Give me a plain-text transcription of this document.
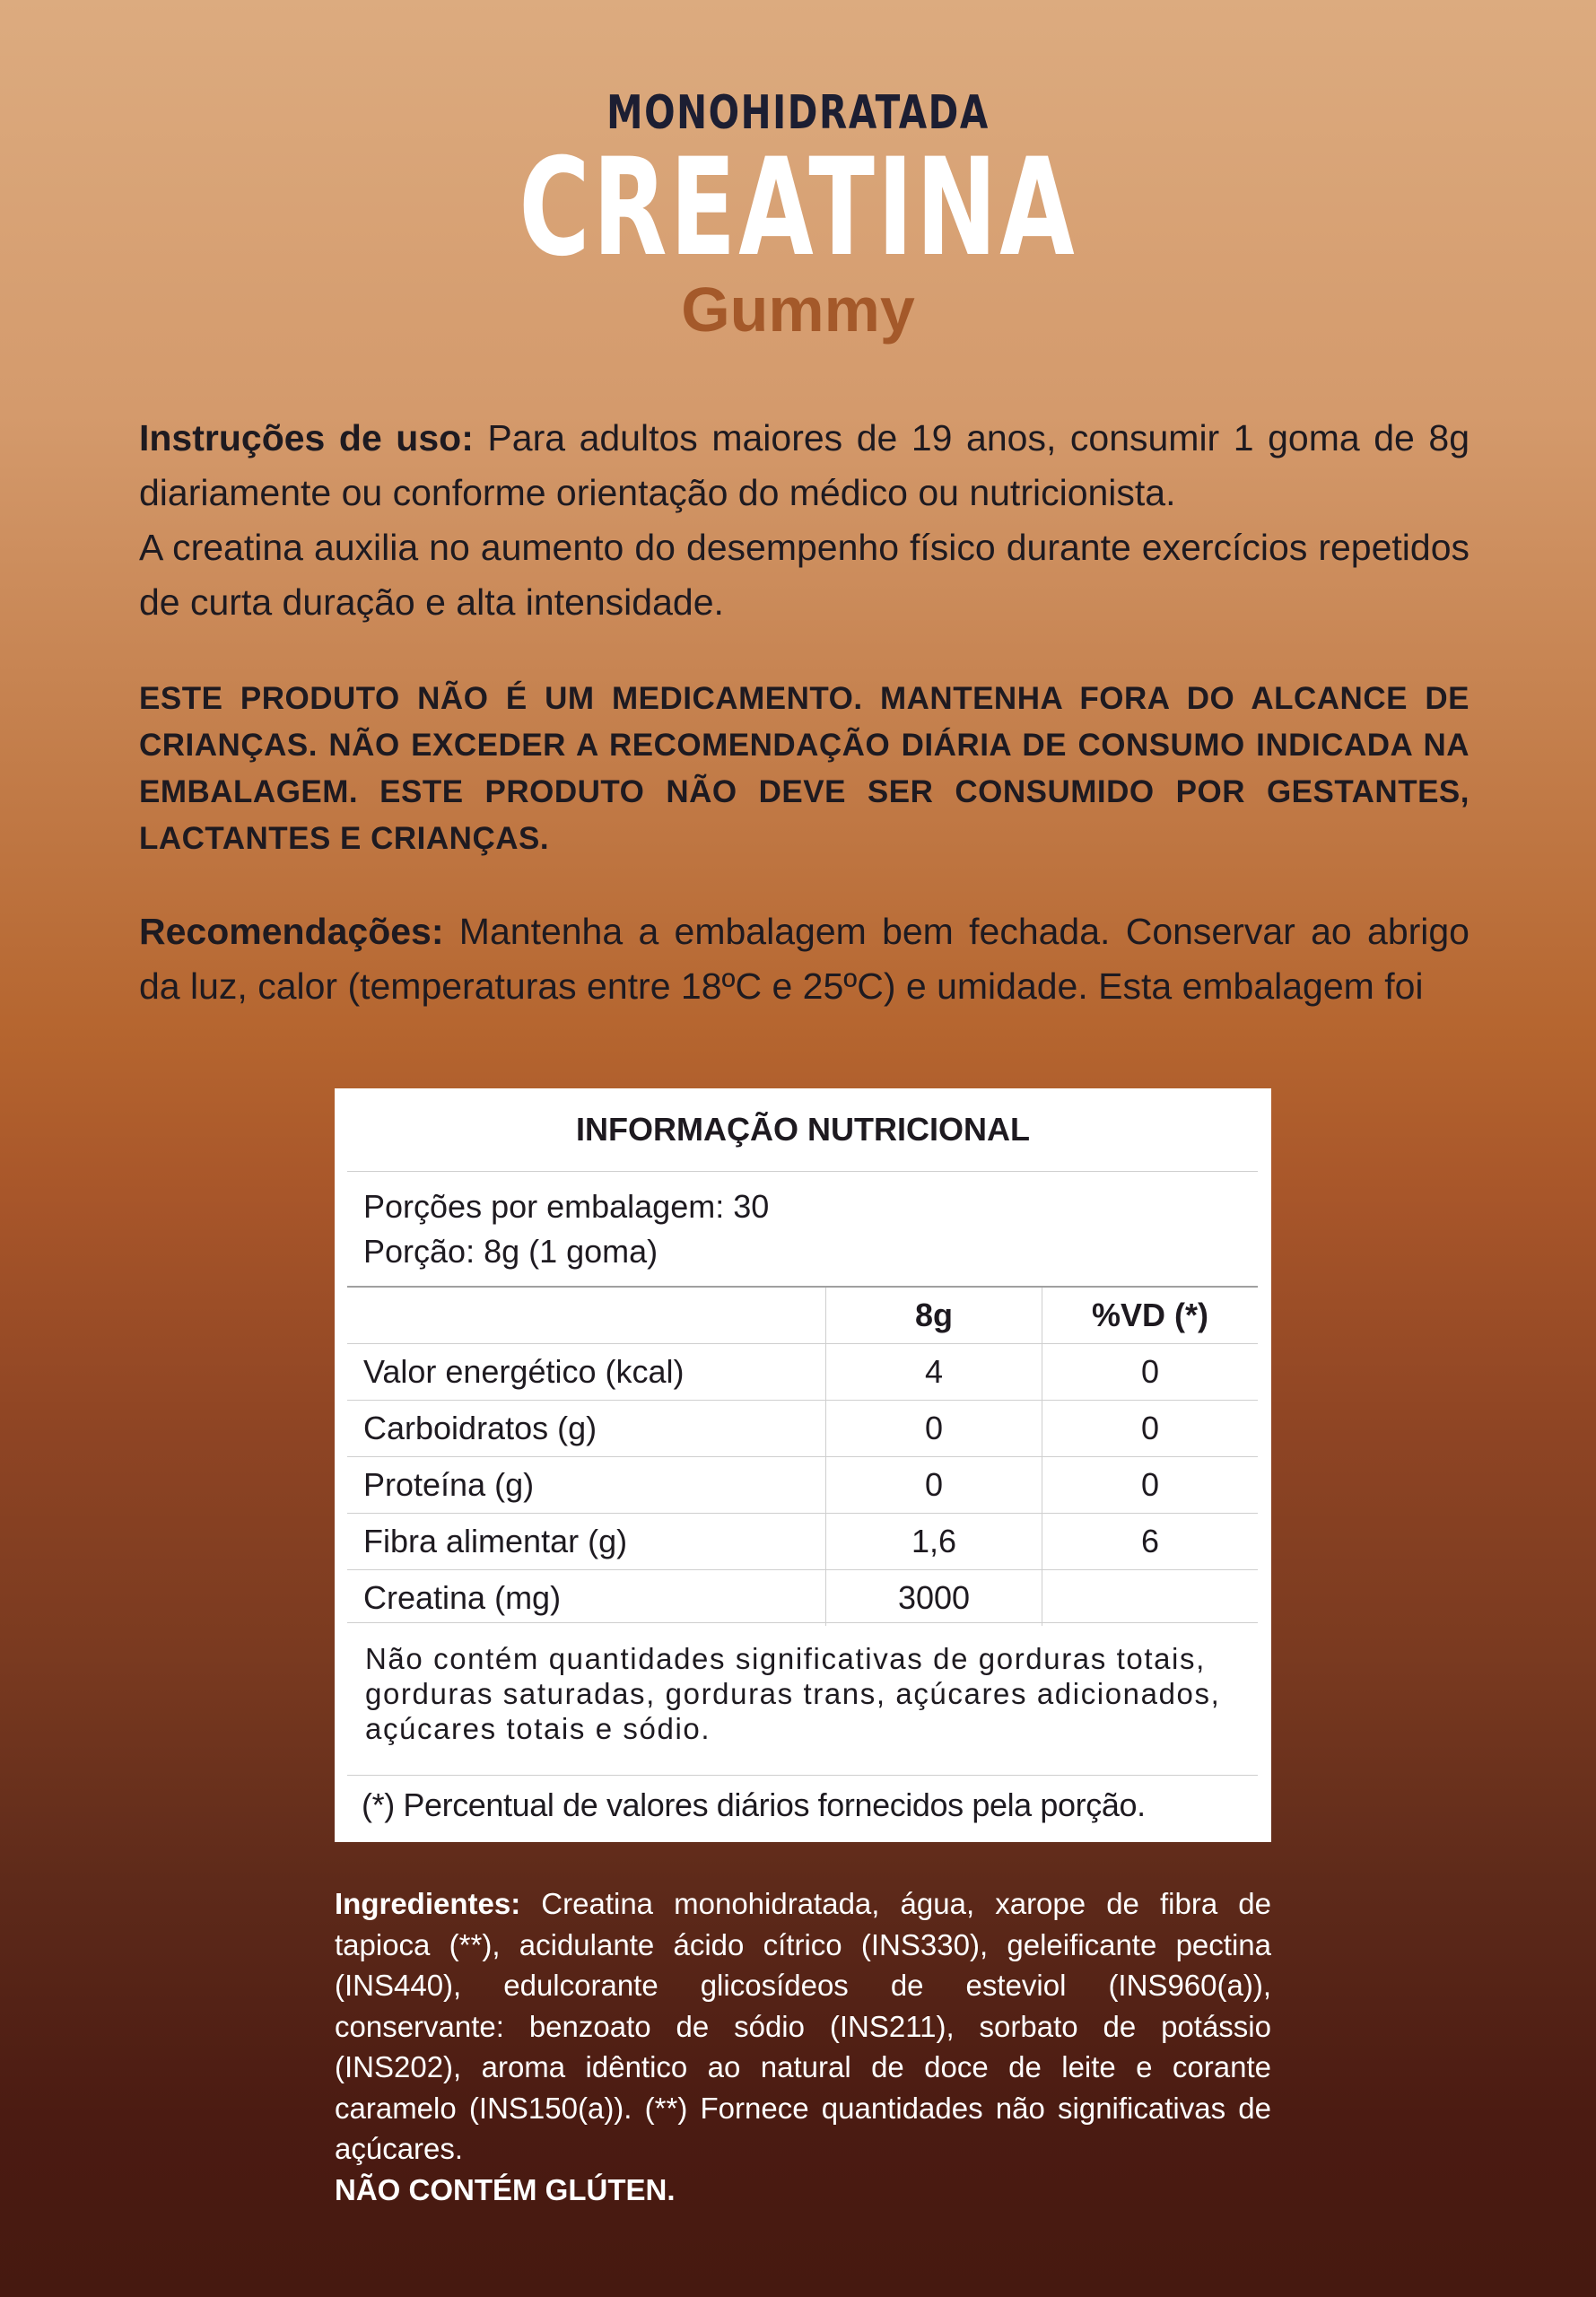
MONOHIDRATADA
CREATINA
Gummy

Instruções de uso: Para adultos maiores de 19 anos, consumir 1 goma de 8g diariamente ou conforme orientação do médico ou nutricionista.

A creatina auxilia no aumento do desempenho físico durante exercícios repetidos de curta duração e alta intensidade.

ESTE PRODUTO NÃO É UM MEDICAMENTO. MANTENHA FORA DO ALCANCE DE CRIANÇAS. NÃO EXCEDER A RECOMENDAÇÃO DIÁRIA DE CONSUMO INDICADA NA EMBALAGEM. ESTE PRODUTO NÃO DEVE SER CONSUMIDO POR GESTANTES, LACTANTES E CRIANÇAS.

Recomendações: Mantenha a embalagem bem fechada. Conservar ao abrigo da luz, calor (temperaturas entre 18ºC e 25ºC) e umidade. Esta embalagem foi

INFORMAÇÃO NUTRICIONAL
Porções por embalagem: 30
Porção: 8g (1 goma)
	8g	%VD (*)
Valor energético (kcal)	4	0
Carboidratos (g)	0	0
Proteína (g)	0	0
Fibra alimentar (g)	1,6	6
Creatina (mg)	3000	
Não contém quantidades significativas de gorduras totais, gorduras saturadas, gorduras trans, açúcares adicionados, açúcares totais e sódio.
(*) Percentual de valores diários fornecidos pela porção.

Ingredientes: Creatina monohidratada, água, xarope de fibra de tapioca (**), acidulante ácido cítrico (INS330), geleificante pectina (INS440), edulcorante glicosídeos de esteviol (INS960(a)), conservante: benzoato de sódio (INS211), sorbato de potássio (INS202), aroma idêntico ao natural de doce de leite e corante caramelo (INS150(a)). (**) Fornece quantidades não significativas de açúcares.

NÃO CONTÉM GLÚTEN.
